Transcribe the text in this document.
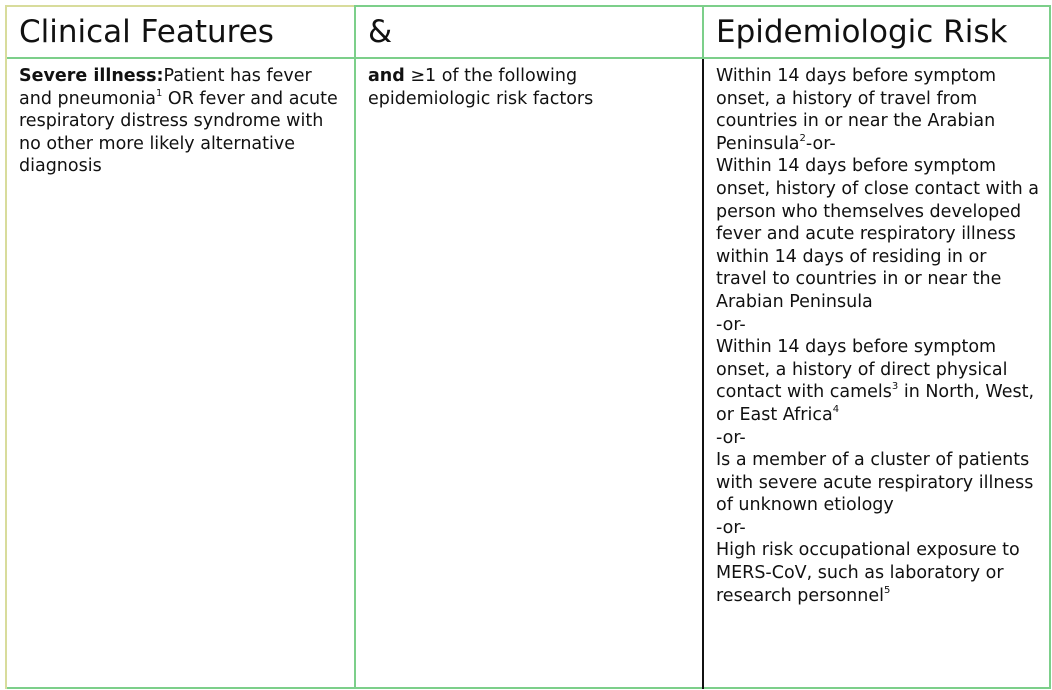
Clinical Features	&	Epidemiologic Risk

Severe illness:Patient has fever and pneumonia$^1$ OR fever and acute respiratory distress syndrome with no other more likely alternative diagnosis

and ≥1 of the following epidemiologic risk factors

Within 14 days before symptom onset, a history of travel from countries in or near the Arabian Peninsula$^2$-or-

Within 14 days before symptom onset, history of close contact with a person who themselves developed fever and acute respiratory illness within 14 days of residing in or travel to countries in or near the Arabian Peninsula

-or-

Within 14 days before symptom onset, a history of direct physical contact with camels$^3$ in North, West, or East Africa$^4$

-or-

Is a member of a cluster of patients with severe acute respiratory illness of unknown etiology

-or-

High risk occupational exposure to MERS-CoV, such as laboratory or research personnel$^5$
